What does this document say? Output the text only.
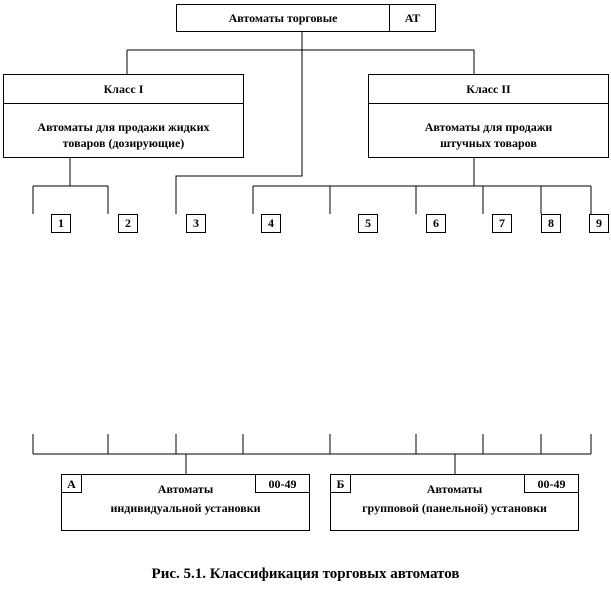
Автоматы торговые	АТ
Класс I
Автоматы для продажи жидких
товаров (дозирующие)
Класс II
Автоматы для продажи
штучных товаров
1	2	3	4	5	6	7	8	9
А	00-49
Автоматы
индивидуальной установки
Б	00-49
Автоматы
групповой (панельной) установки
Рис. 5.1. Классификация торговых автоматов
